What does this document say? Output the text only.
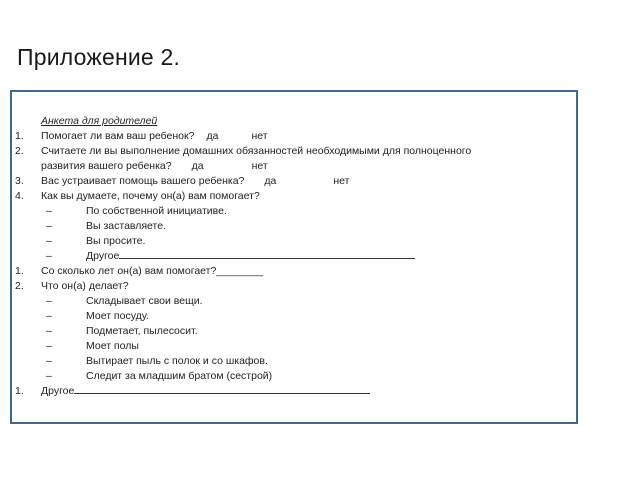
Приложение 2.
Анкета для родителей
1.	Помогает ли вам ваш ребенок? да	нет
2.	Считаете ли вы выполнение домашних обязанностей необходимыми для полноценного
развития вашего ребенка? да	нет
3.	Вас устраивает помощь вашего ребенка? да	нет
4.	Как вы думаете, почему он(а) вам помогает?
–	По собственной инициативе.
–	Вы заставляете.
–	Вы просите.
–	Другое
1.	Со сколько лет он(а) вам помогает?________
2.	Что он(а) делает?
–	Складывает свои вещи.
–	Моет посуду.
–	Подметает, пылесосит.
–	Моет полы
–	Вытирает пыль с полок и со шкафов.
–	Следит за младшим братом (сестрой)
1.	Другое
